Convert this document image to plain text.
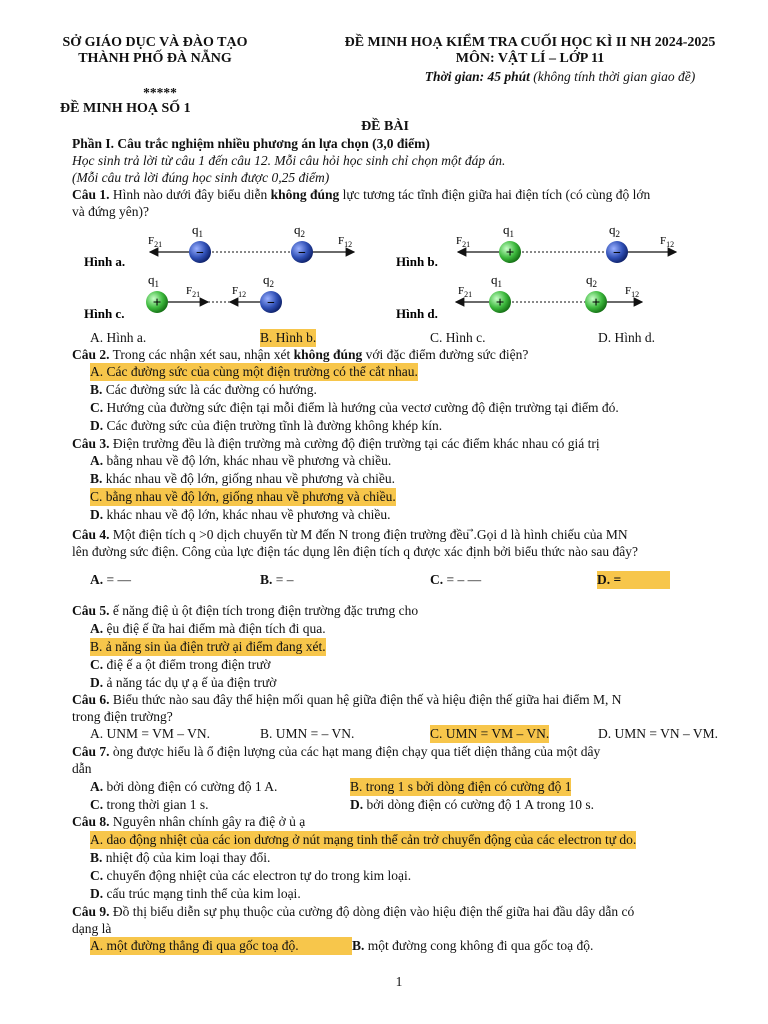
SỞ GIÁO DỤC VÀ ĐÀO TẠO
THÀNH PHỐ ĐÀ NẴNG
ĐỀ MINH HOẠ KIỂM TRA CUỐI HỌC KÌ II NH 2024-2025
MÔN: VẬT LÍ – LỚP 11
Thời gian: 45 phút (không tính thời gian giao đề)
*****
ĐỀ MINH HOẠ SỐ 1
ĐỀ BÀI
Phần I. Câu trắc nghiệm nhiều phương án lựa chọn (3,0 điểm)
Học sinh trả lời từ câu 1 đến câu 12. Mỗi câu hỏi học sinh chỉ chọn một đáp án.
(Mỗi câu trả lời đúng học sinh được 0,25 điểm)
Câu 1. Hình nào dưới đây biểu diễn không đúng lực tương tác tĩnh điện giữa hai điện tích (có cùng độ lớn
và đứng yên)?
Hình a.
−	−
$q_1$	$q_2$
$F_{21}$	$F_{12}$
Hình b.
+	−
$q_1$	$q_2$
$F_{21}$	$F_{12}$
Hình c.
+	−
$q_1$	$q_2$
$F_{21}$	$F_{12}$
Hình d.
+	+
$q_1$	$q_2$
$F_{21}$	$F_{12}$
A. Hình a.	B. Hình b.	C. Hình c.	D. Hình d.
Câu 2. Trong các nhận xét sau, nhận xét không đúng với đặc điểm đường sức điện?
A. Các đường sức của cùng một điện trường có thể cắt nhau.
B. Các đường sức là các đường có hướng.
C. Hướng của đường sức điện tại mỗi điểm là hướng của vectơ cường độ điện trường tại điểm đó.
D. Các đường sức của điện trường tĩnh là đường không khép kín.
Câu 3. Điện trường đều là điện trường mà cường độ điện trường tại các điểm khác nhau có giá trị
A. bằng nhau về độ lớn, khác nhau về phương và chiều.
B. khác nhau về độ lớn, giống nhau về phương và chiều.
C. bằng nhau về độ lớn, giống nhau về phương và chiều.
D. khác nhau về độ lớn, khác nhau về phương và chiều.
Câu 4. Một điện tích q >0 dịch chuyển từ M đến N trong điện trường đều .Gọi d là hình chiếu của MN
lên đường sức điện. Công của lực điện tác dụng lên điện tích q được xác định bởi biểu thức nào sau đây?
A. = —	B. = –	C. = – —	D. =
Câu 5. ế năng điệ ủ ột điện tích trong điện trường đặc trưng cho
A. ệu điệ ế ữa hai điểm mà điện tích đi qua.
B. ả năng sin ủa điện trườ ại điểm đang xét.
C. điệ ế a ột điểm trong điện trườ
D. ả năng tác dụ ự ạ ế ủa điện trườ
Câu 6. Biểu thức nào sau đây thể hiện mối quan hệ giữa điện thế và hiệu điện thế giữa hai điểm M, N
trong điện trường?
A. UNM = VM – VN.	B. UMN = – VN.	C. UMN = VM – VN.	D. UMN = VN – VM.
Câu 7. òng được hiểu là ổ điện lượng của các hạt mang điện chạy qua tiết diện thẳng của một dây
dẫn
A. bởi dòng điện có cường độ 1 A.	B. trong 1 s bởi dòng điện có cường độ 1
C. trong thời gian 1 s.	D. bởi dòng điện có cường độ 1 A trong 10 s.
Câu 8. Nguyên nhân chính gây ra điệ ở ủ ạ
A. dao động nhiệt của các ion dương ở nút mạng tinh thể cản trở chuyển động của các electron tự do.
B. nhiệt độ của kim loại thay đổi.
C. chuyển động nhiệt của các electron tự do trong kim loại.
D. cấu trúc mạng tinh thể của kim loại.
Câu 9. Đồ thị biểu diễn sự phụ thuộc của cường độ dòng điện vào hiệu điện thế giữa hai đầu dây dẫn có
dạng là
A. một đường thẳng đi qua gốc toạ độ.	B. một đường cong không đi qua gốc toạ độ.
1
